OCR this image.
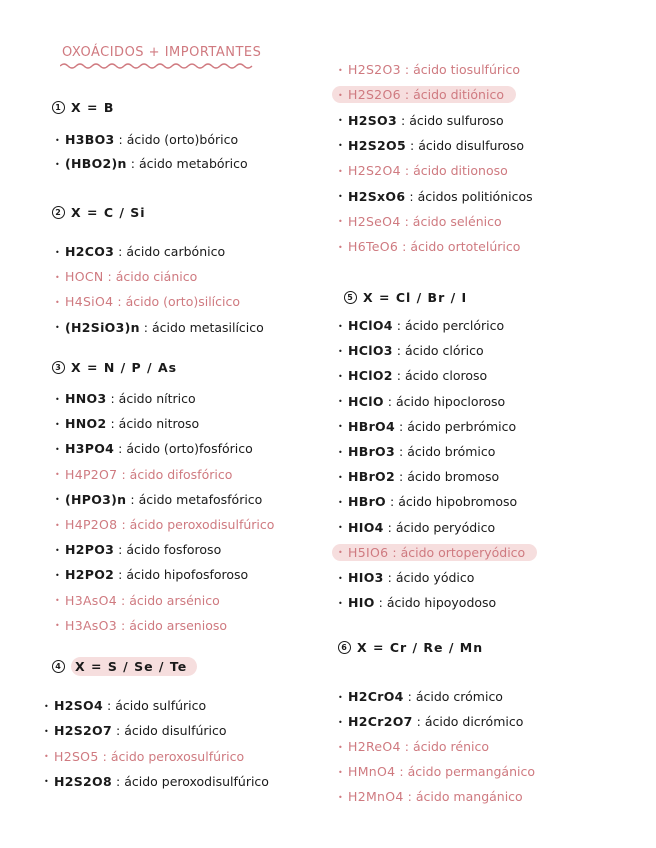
OXOÁCIDOS + IMPORTANTES
1 X = B
2 X = C / Si
3 X = N / P / As
4	X = S / Se / Te
• H3BO3 : ácido (orto)bórico
• (HBO2)n : ácido metabórico
• H2CO3 : ácido carbónico
• HOCN : ácido ciánico
• H4SiO4 : ácido (orto)silícico
• (H2SiO3)n : ácido metasilícico
• HNO3 : ácido nítrico
• HNO2 : ácido nitroso
• H3PO4 : ácido (orto)fosfórico
• H4P2O7 : ácido difosfórico
• (HPO3)n : ácido metafosfórico
• H4P2O8 : ácido peroxodisulfúrico
• H2PO3 : ácido fosforoso
• H2PO2 : ácido hipofosforoso
• H3AsO4 : ácido arsénico
• H3AsO3 : ácido arsenioso
• H2SO4 : ácido sulfúrico
• H2S2O7 : ácido disulfúrico
• H2SO5 : ácido peroxosulfúrico
• H2S2O8 : ácido peroxodisulfúrico
5 X = Cl / Br / I
6 X = Cr / Re / Mn
• H2S2O3 : ácido tiosulfúrico
• H2S2O6 : ácido ditiónico
• H2SO3 : ácido sulfuroso
• H2S2O5 : ácido disulfuroso
• H2S2O4 : ácido ditionoso
• H2SxO6 : ácidos politiónicos
• H2SeO4 : ácido selénico
• H6TeO6 : ácido ortotelúrico
• HClO4 : ácido perclórico
• HClO3 : ácido clórico
• HClO2 : ácido cloroso
• HClO : ácido hipocloroso
• HBrO4 : ácido perbrómico
• HBrO3 : ácido brómico
• HBrO2 : ácido bromoso
• HBrO : ácido hipobromoso
• HIO4 : ácido peryódico
• H5IO6 : ácido ortoperyódico
• HIO3 : ácido yódico
• HIO : ácido hipoyodoso
• H2CrO4 : ácido crómico
• H2Cr2O7 : ácido dicrómico
• H2ReO4 : ácido rénico
• HMnO4 : ácido permangánico
• H2MnO4 : ácido mangánico
